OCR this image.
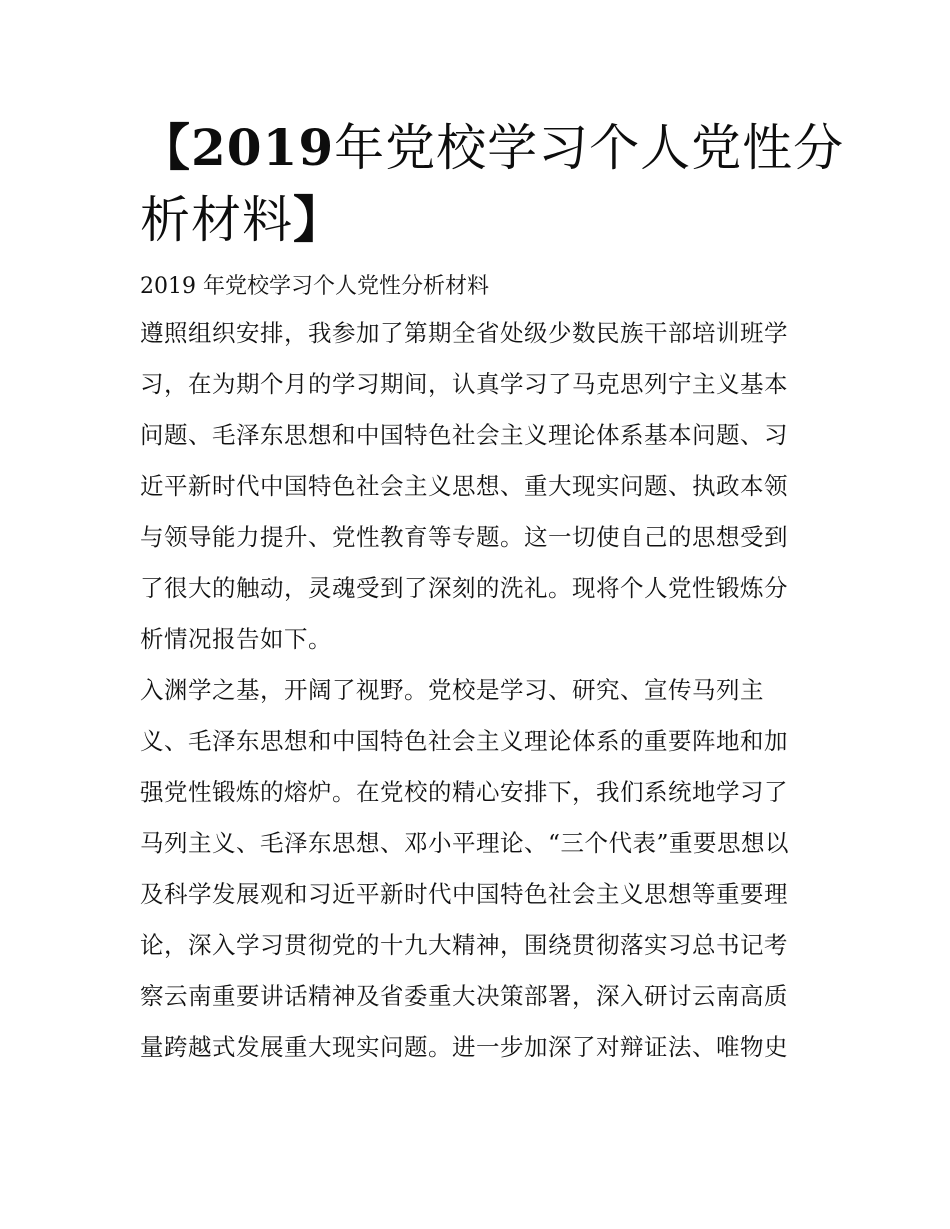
【2019年党校学习个人党性分
析材料】

2019 年党校学习个人党性分析材料

遵照组织安排，我参加了第期全省处级少数民族干部培训班学
习，在为期个月的学习期间，认真学习了马克思列宁主义基本
问题、毛泽东思想和中国特色社会主义理论体系基本问题、习
近平新时代中国特色社会主义思想、重大现实问题、执政本领
与领导能力提升、党性教育等专题。这一切使自己的思想受到
了很大的触动，灵魂受到了深刻的洗礼。现将个人党性锻炼分
析情况报告如下。

入渊学之基，开阔了视野。党校是学习、研究、宣传马列主
义、毛泽东思想和中国特色社会主义理论体系的重要阵地和加
强党性锻炼的熔炉。在党校的精心安排下，我们系统地学习了
马列主义、毛泽东思想、邓小平理论、“三个代表”重要思想以
及科学发展观和习近平新时代中国特色社会主义思想等重要理
论，深入学习贯彻党的十九大精神，围绕贯彻落实习总书记考
察云南重要讲话精神及省委重大决策部署，深入研讨云南高质
量跨越式发展重大现实问题。进一步加深了对辩证法、唯物史
